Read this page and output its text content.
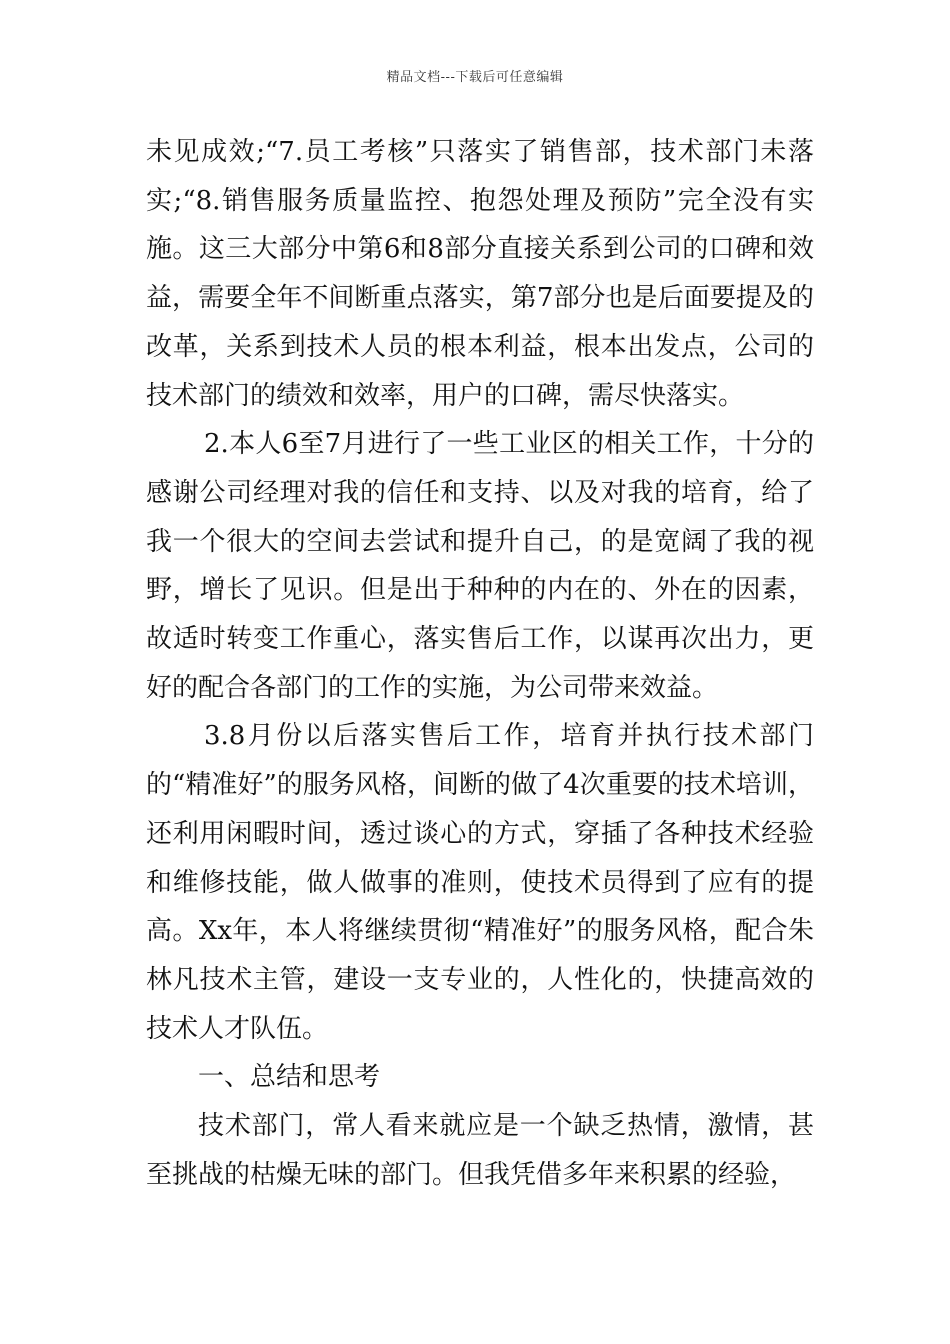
精品文档---下载后可任意编辑

未见成效;“7.员工考核”只落实了销售部，技术部门未落实;“8.销售服务质量监控、抱怨处理及预防”完全没有实施。这三大部分中第6和8部分直接关系到公司的口碑和效益，需要全年不间断重点落实，第7部分也是后面要提及的改革，关系到技术人员的根本利益，根本出发点，公司的技术部门的绩效和效率，用户的口碑，需尽快落实。

2.本人6至7月进行了一些工业区的相关工作，十分的感谢公司经理对我的信任和支持、以及对我的培育，给了我一个很大的空间去尝试和提升自己，的是宽阔了我的视野，增长了见识。但是出于种种的内在的、外在的因素，故适时转变工作重心，落实售后工作，以谋再次出力，更好的配合各部门的工作的实施，为公司带来效益。

3.8月份以后落实售后工作，培育并执行技术部门的“精准好”的服务风格，间断的做了4次重要的技术培训，还利用闲暇时间，透过谈心的方式，穿插了各种技术经验和维修技能，做人做事的准则，使技术员得到了应有的提高。Xx年，本人将继续贯彻“精准好”的服务风格，配合朱林凡技术主管，建设一支专业的，人性化的，快捷高效的技术人才队伍。

一、总结和思考

技术部门，常人看来就应是一个缺乏热情，激情，甚至挑战的枯燥无味的部门。但我凭借多年来积累的经验，
